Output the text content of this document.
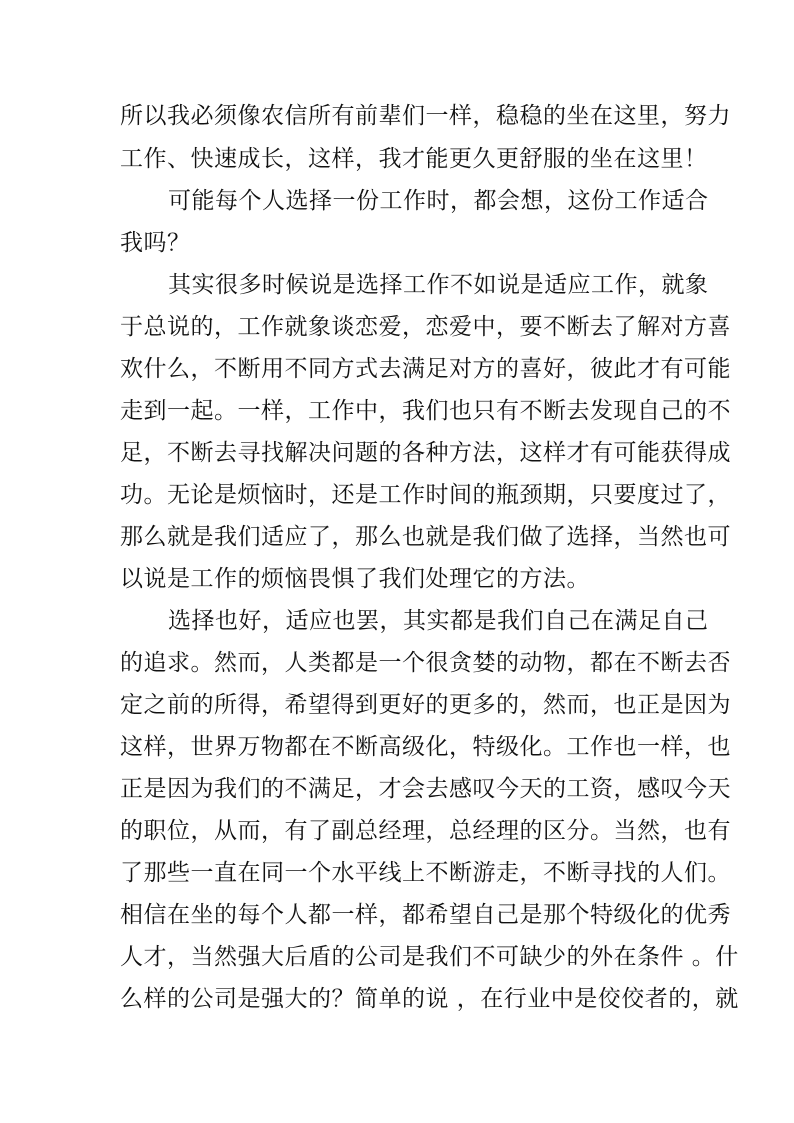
所以我必须像农信所有前辈们一样，稳稳的坐在这里，努力
工作、快速成长，这样，我才能更久更舒服的坐在这里！
可能每个人选择一份工作时，都会想，这份工作适合
我吗？
其实很多时候说是选择工作不如说是适应工作，就象
于总说的，工作就象谈恋爱，恋爱中，要不断去了解对方喜
欢什么，不断用不同方式去满足对方的喜好，彼此才有可能
走到一起。一样，工作中，我们也只有不断去发现自己的不
足，不断去寻找解决问题的各种方法，这样才有可能获得成
功。无论是烦恼时，还是工作时间的瓶颈期，只要度过了，
那么就是我们适应了，那么也就是我们做了选择，当然也可
以说是工作的烦恼畏惧了我们处理它的方法。
选择也好，适应也罢，其实都是我们自己在满足自己
的追求。然而，人类都是一个很贪婪的动物，都在不断去否
定之前的所得，希望得到更好的更多的，然而，也正是因为
这样，世界万物都在不断高级化，特级化。工作也一样，也
正是因为我们的不满足，才会去感叹今天的工资，感叹今天
的职位，从而，有了副总经理，总经理的区分。当然，也有
了那些一直在同一个水平线上不断游走，不断寻找的人们。
相信在坐的每个人都一样，都希望自己是那个特级化的优秀
人才，当然强大后盾的公司是我们不可缺少的外在条件 。什
么样的公司是强大的？简单的说 ，在行业中是佼佼者的，就
